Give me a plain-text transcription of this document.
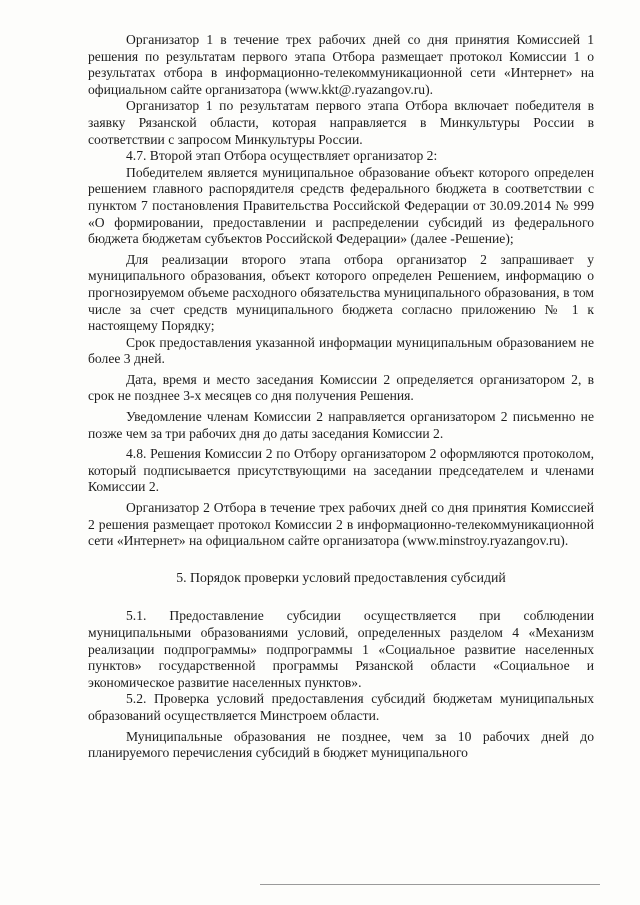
Организатор 1 в течение трех рабочих дней со дня принятия Комиссией 1 решения по результатам первого этапа Отбора размещает протокол Комиссии 1 о результатах отбора в информационно-телекоммуникационной сети «Интернет» на официальном сайте организатора (www.kkt@.ryazangov.ru).

Организатор 1 по результатам первого этапа Отбора включает победителя в заявку Рязанской области, которая направляется в Минкультуры России в соответствии с запросом Минкультуры России.

4.7. Второй этап Отбора осуществляет организатор 2:

Победителем является муниципальное образование объект которого определен решением главного распорядителя средств федерального бюджета в соответствии с пунктом 7 постановления Правительства Российской Федерации от 30.09.2014 № 999 «О формировании, предоставлении и распределении субсидий из федерального бюджета бюджетам субъектов Российской Федерации» (далее -Решение);

Для реализации второго этапа отбора организатор 2 запрашивает у муниципального образования, объект которого определен Решением, информацию о прогнозируемом объеме расходного обязательства муниципального образования, в том числе за счет средств муниципального бюджета согласно приложению № 1 к настоящему Порядку;

Срок предоставления указанной информации муниципальным образованием не более 3 дней.

Дата, время и место заседания Комиссии 2 определяется организатором 2, в срок не позднее 3-х месяцев со дня получения Решения.

Уведомление членам Комиссии 2 направляется организатором 2 письменно не позже чем за три рабочих дня до даты заседания Комиссии 2.

4.8. Решения Комиссии 2 по Отбору организатором 2 оформляются протоколом, который подписывается присутствующими на заседании председателем и членами Комиссии 2.

Организатор 2 Отбора в течение трех рабочих дней со дня принятия Комиссией 2 решения размещает протокол Комиссии 2 в информационно-телекоммуникационной сети «Интернет» на официальном сайте организатора (www.minstroy.ryazangov.ru).

5. Порядок проверки условий предоставления субсидий

5.1. Предоставление субсидии осуществляется при соблюдении муниципальными образованиями условий, определенных разделом 4 «Механизм реализации подпрограммы» подпрограммы 1 «Социальное развитие населенных пунктов» государственной программы Рязанской области «Социальное и экономическое развитие населенных пунктов».

5.2. Проверка условий предоставления субсидий бюджетам муниципальных образований осуществляется Минстроем области.

Муниципальные образования не позднее, чем за 10 рабочих дней до планируемого перечисления субсидий в бюджет муниципального
